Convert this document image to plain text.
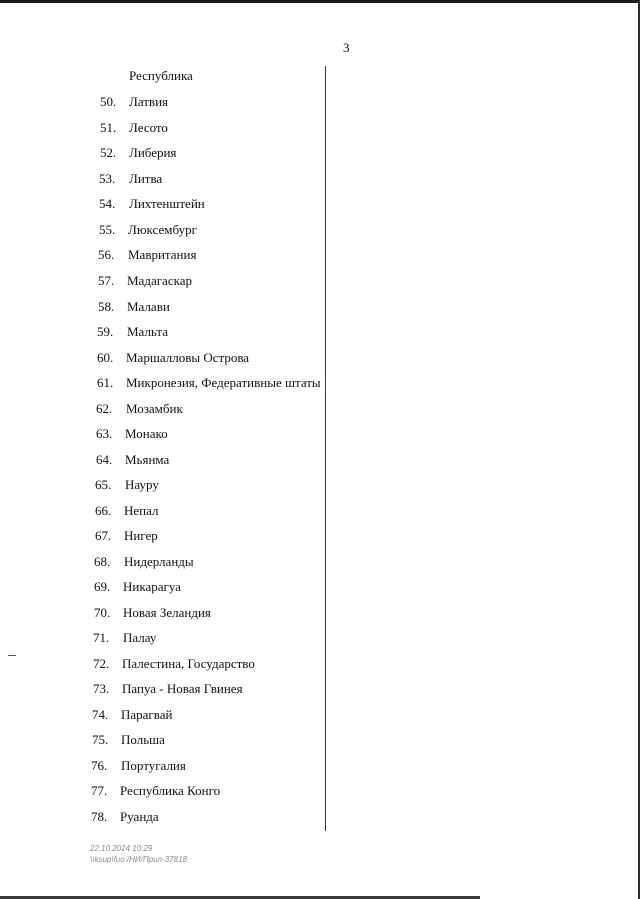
3
Республика
50. Латвия
51. Лесото
52. Либерия
53. Литва
54. Лихтенштейн
55. Люксембург
56. Мавритания
57. Мадагаскар
58. Малави
59. Мальта
60. Маршалловы Острова
61. Микронезия, Федеративные штаты
62. Мозамбик
63. Монако
64. Мьянма
65. Науру
66. Непал
67. Нигер
68. Нидерланды
69. Никарагуа
70. Новая Зеландия
71. Палау
72. Палестина, Государство
73. Папуа - Новая Гвинея
74. Парагвай
75. Польша
76. Португалия
77. Республика Конго
78. Руанда
22.10.2024 10:29
\\ksup\fuo /НИ/Прил-37818
